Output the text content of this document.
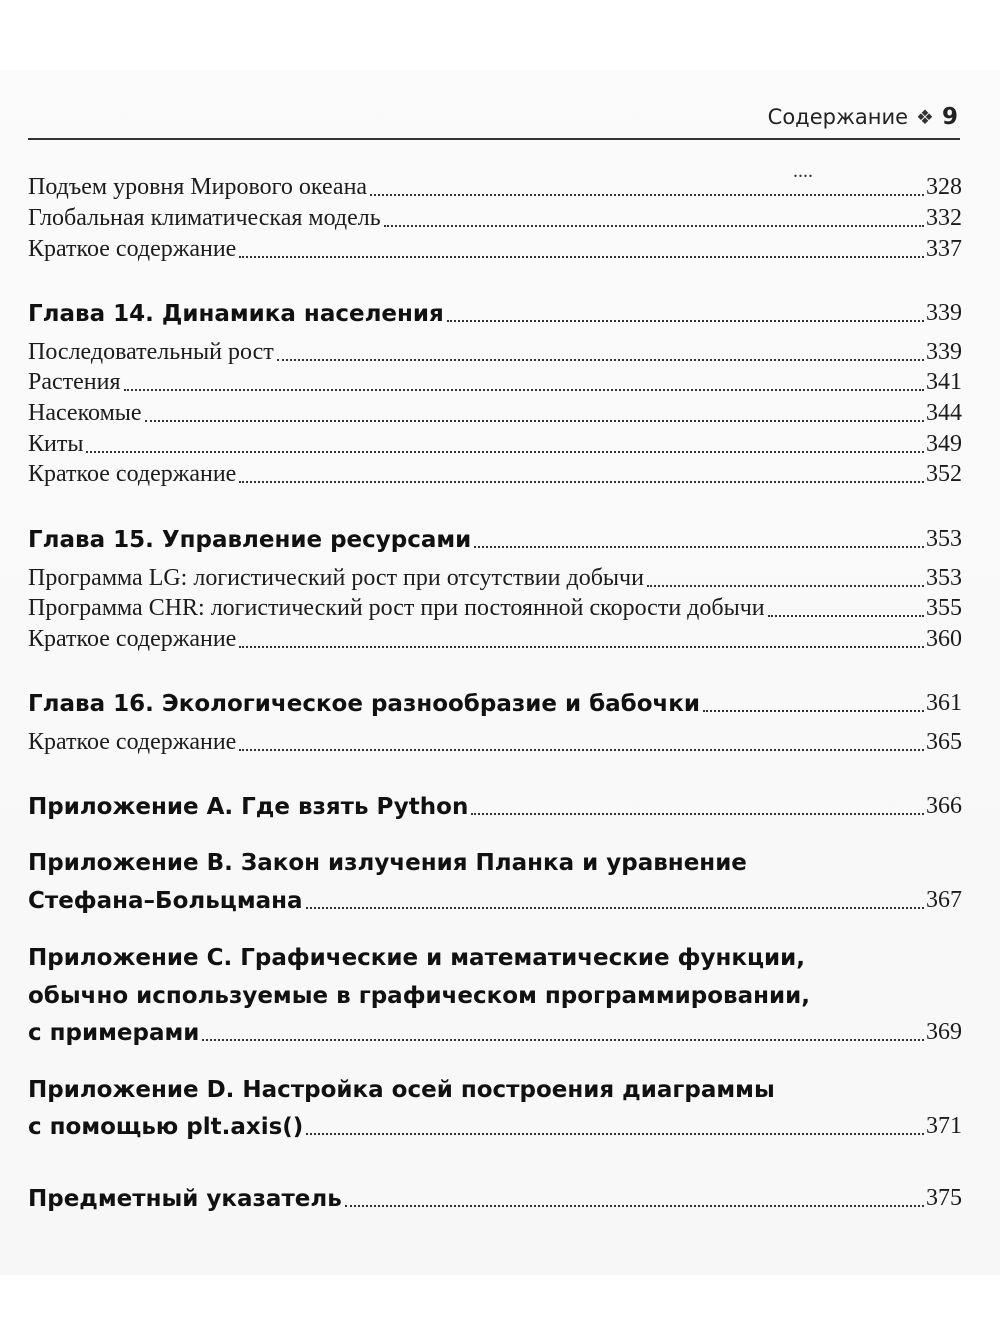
Содержание ❖ 9
....
Подъем уровня Мирового океана	328
Глобальная климатическая модель	332
Краткое содержание	337
Глава 14. Динамика населения	339
Последовательный рост	339
Растения	341
Насекомые	344
Киты	349
Краткое содержание	352
Глава 15. Управление ресурсами	353
Программа LG: логистический рост при отсутствии добычи	353
Программа CHR: логистический рост при постоянной скорости добычи	355
Краткое содержание	360
Глава 16. Экологическое разнообразие и бабочки	361
Краткое содержание	365
Приложение А. Где взять Python	366
Приложение В. Закон излучения Планка и уравнение
Стефана–Больцмана	367
Приложение С. Графические и математические функции,
обычно используемые в графическом программировании,
с примерами	369
Приложение D. Настройка осей построения диаграммы
с помощью plt.axis()	371
Предметный указатель	375
